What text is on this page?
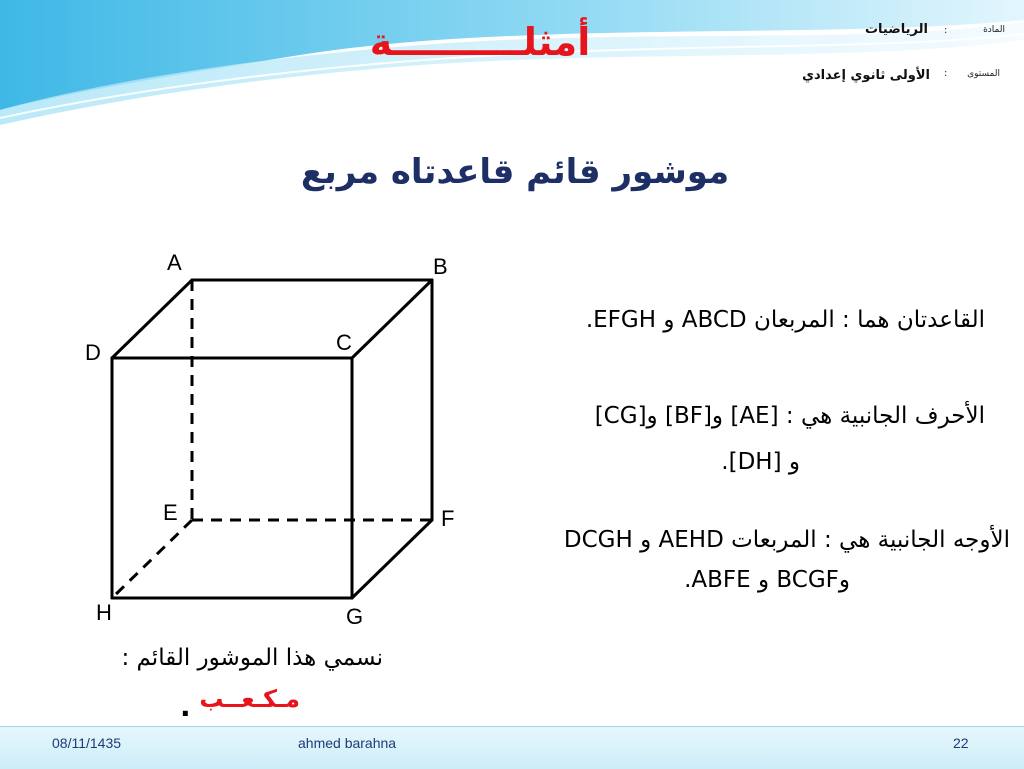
أمثلــــــــــة	المادة
:
الرياضيات
المستوى
:
الأولى ثانوي إعدادي
موشور قائم قاعدتاه مربع
A	B
C
D
E	F
G
H
القاعدتان هما : المربعان ABCD و EFGH.
الأحرف الجانبية هي : [AE] و[BF] و[CG]
و [DH].
الأوجه الجانبية هي : المربعات AEHD و DCGH
وBCGF و ABFE.
نسمي هذا الموشور القائم :
مـكـعــب
.
08/11/1435	ahmed barahna	22
